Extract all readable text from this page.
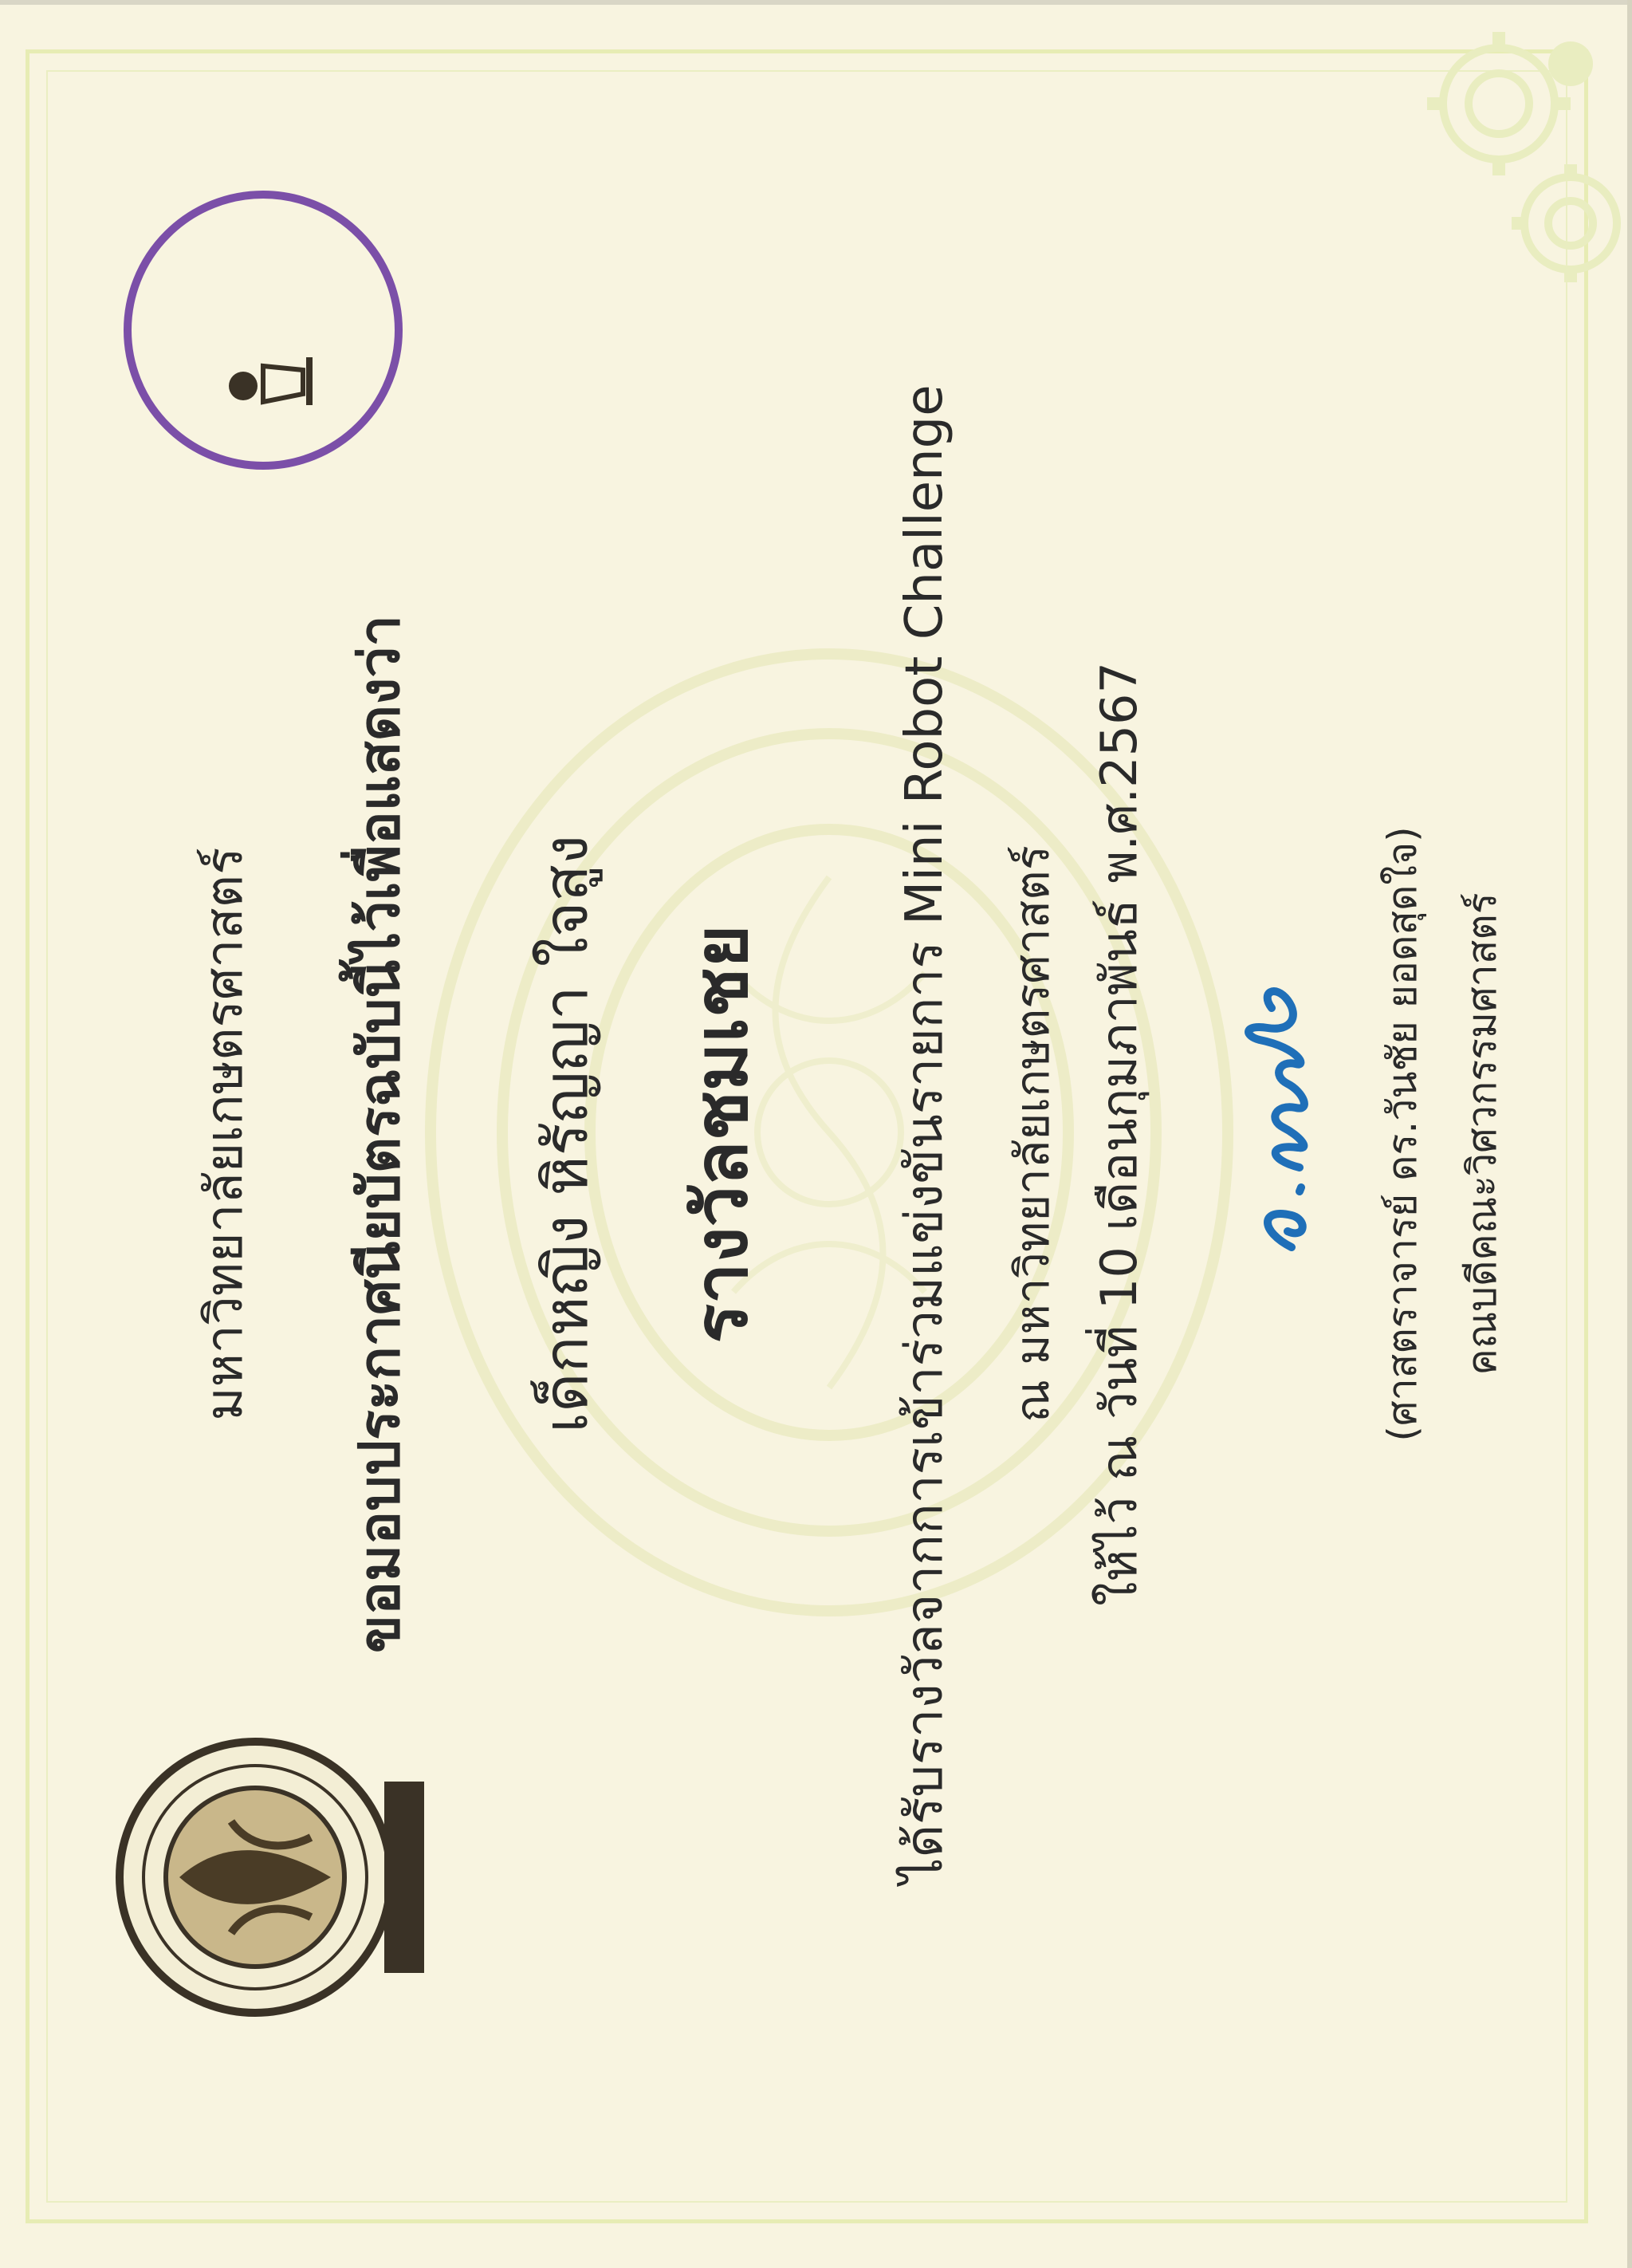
มหาวิทยาลัยเกษตรศาสตร์ ขอมอบประกาศนียบัตรฉบับนี้ไว้เพื่อแสดงว่า เด็กหญิง หิรัญญา ใจสูง รางวัลชมเชย	ได้รับรางวัลจากการเข้าร่วมแข่งขันรายการ Mini Robot Challenge ณ มหาวิทยาลัยเกษตรศาสตร์ ให้ไว้ ณ วันที่ 10 เดือนกุมภาพันธ์ พ.ศ.2567	(ศาสตราจารย์ ดร.วันชัย ยอดสุดใจ) คณบดีคณะวิศวกรรมศาสตร์
